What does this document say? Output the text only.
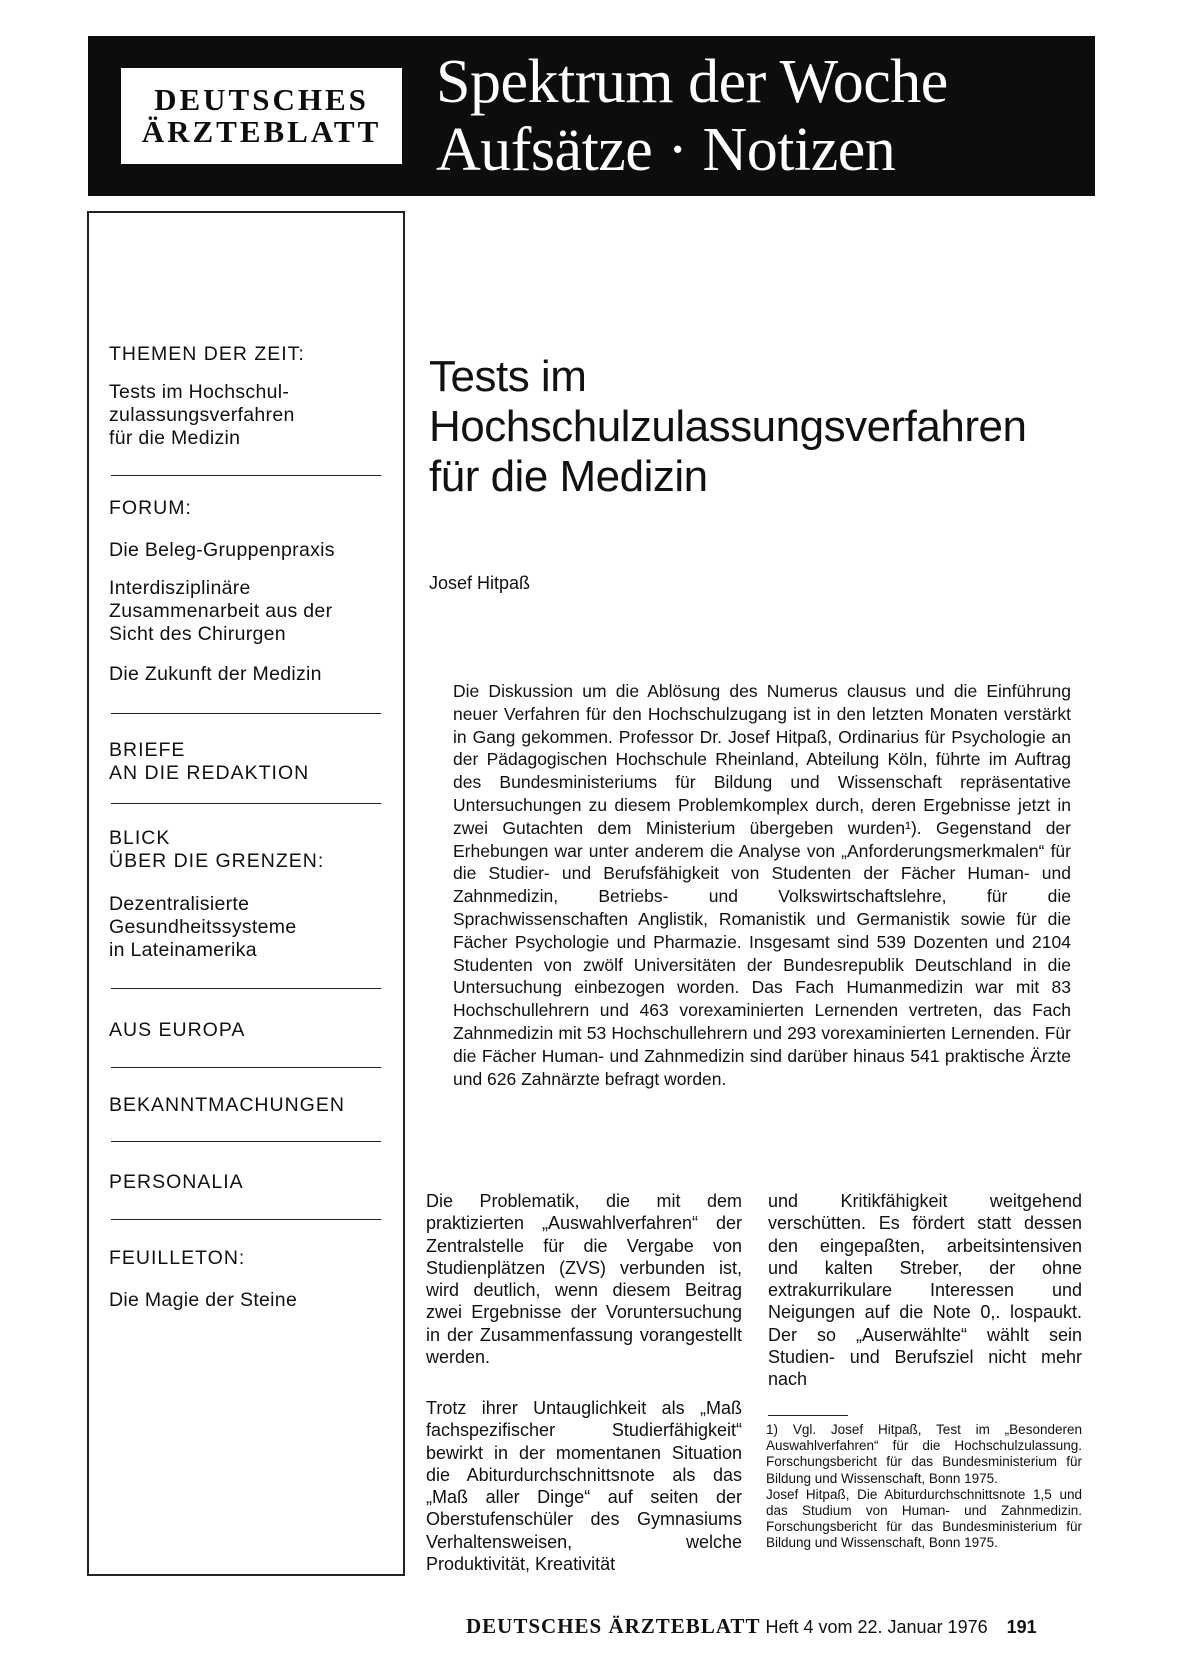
DEUTSCHES
ÄRZTEBLATT
Spektrum der Woche
Aufsätze · Notizen
THEMEN DER ZEIT:
Tests im Hochschul-
zulassungsverfahren
für die Medizin
FORUM:
Die Beleg-Gruppenpraxis
Interdisziplinäre
Zusammenarbeit aus der
Sicht des Chirurgen
Die Zukunft der Medizin
BRIEFE
AN DIE REDAKTION
BLICK
ÜBER DIE GRENZEN:
Dezentralisierte
Gesundheitssysteme
in Lateinamerika
AUS EUROPA
BEKANNTMACHUNGEN
PERSONALIA
FEUILLETON:
Die Magie der Steine
Tests im
Hochschulzulassungsverfahren
für die Medizin
Josef Hitpaß

Die Diskussion um die Ablösung des Numerus clausus und die Einführung neuer Verfahren für den Hochschulzugang ist in den letzten Monaten verstärkt in Gang gekommen. Professor Dr. Josef Hitpaß, Ordinarius für Psychologie an der Pädagogischen Hochschule Rheinland, Abteilung Köln, führte im Auftrag des Bundesministeriums für Bildung und Wissenschaft repräsentative Untersuchungen zu diesem Problemkomplex durch, deren Ergebnisse jetzt in zwei Gutachten dem Ministerium übergeben wurden¹). Gegenstand der Erhebungen war unter anderem die Analyse von „Anforderungsmerkmalen“ für die Studier- und Berufsfähigkeit von Studenten der Fächer Human- und Zahnmedizin, Betriebs- und Volkswirtschaftslehre, für die Sprachwissenschaften Anglistik, Romanistik und Germanistik sowie für die Fächer Psychologie und Pharmazie. Insgesamt sind 539 Dozenten und 2104 Studenten von zwölf Universitäten der Bundesrepublik Deutschland in die Untersuchung einbezogen worden. Das Fach Humanmedizin war mit 83 Hochschullehrern und 463 vorexaminierten Lernenden vertreten, das Fach Zahnmedizin mit 53 Hochschullehrern und 293 vorexaminierten Lernenden. Für die Fächer Human- und Zahnmedizin sind darüber hinaus 541 praktische Ärzte und 626 Zahnärzte befragt worden.

Die Problematik, die mit dem praktizierten „Auswahlverfahren“ der Zentralstelle für die Vergabe von Studienplätzen (ZVS) verbunden ist, wird deutlich, wenn diesem Beitrag zwei Ergebnisse der Voruntersuchung in der Zusammenfassung vorangestellt werden.

Trotz ihrer Untauglichkeit als „Maß fachspezifischer Studierfähigkeit“ bewirkt in der momentanen Situation die Abiturdurchschnittsnote als das „Maß aller Dinge“ auf seiten der Oberstufenschüler des Gymnasiums Verhaltensweisen, welche Produktivität, Kreativität

und Kritikfähigkeit weitgehend verschütten. Es fördert statt dessen den eingepaßten, arbeitsintensiven und kalten Streber, der ohne extrakurrikulare Interessen und Neigungen auf die Note 0,. lospaukt. Der so „Auserwählte“ wählt sein Studien- und Berufsziel nicht mehr nach

1) Vgl. Josef Hitpaß, Test im „Besonderen Auswahlverfahren“ für die Hochschulzulassung. Forschungsbericht für das Bundesministerium für Bildung und Wissenschaft, Bonn 1975.
Josef Hitpaß, Die Abiturdurchschnittsnote 1,5 und das Studium von Human- und Zahnmedizin. Forschungsbericht für das Bundesministerium für Bildung und Wissenschaft, Bonn 1975.
DEUTSCHES ÄRZTEBLATT Heft 4 vom 22. Januar 1976 191
